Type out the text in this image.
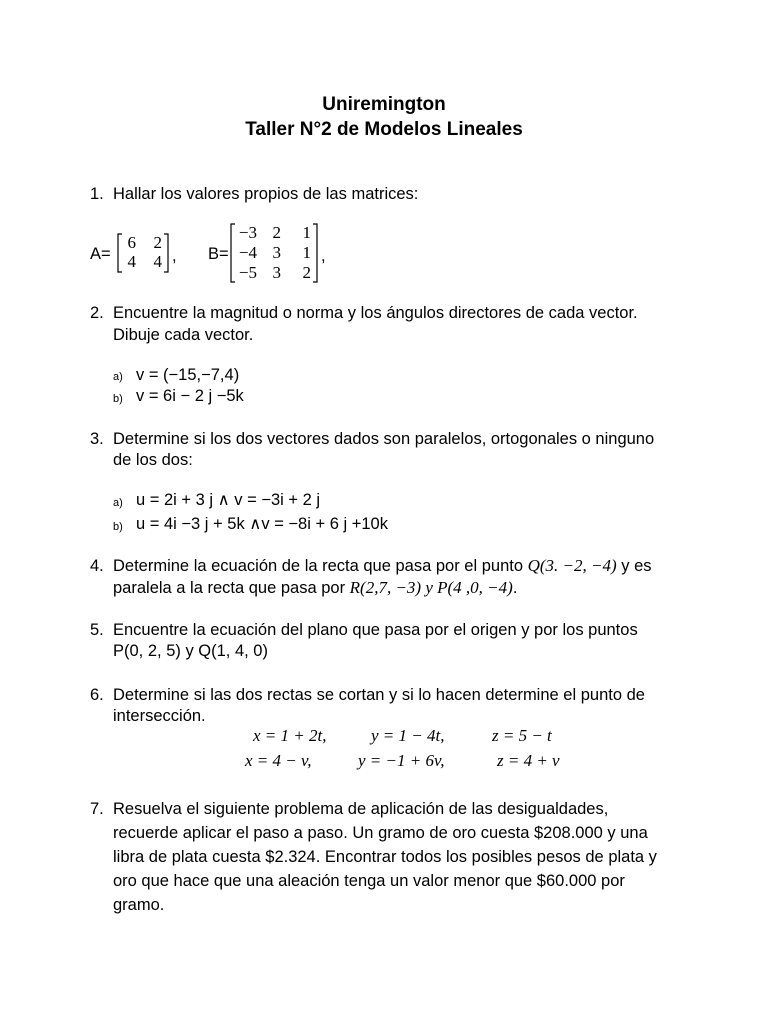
Uniremington
Taller N°2 de Modelos Lineales
1. Hallar los valores propios de las matrices:
A=
6	2
4	4 , B=
−3 2	1
−4 3	1
−5 3	2
,
2. Encuentre la magnitud o norma y los ángulos directores de cada vector.
Dibuje cada vector.
a) v = (−15,−7,4)
b) v = 6i − 2 j −5k
3. Determine si los dos vectores dados son paralelos, ortogonales o ninguno
de los dos:
a) u = 2i + 3 j ∧ v = −3i + 2 j
b) u = 4i −3 j + 5k ∧v = −8i + 6 j +10k
4. Determine la ecuación de la recta que pasa por el punto Q(3. −2, −4) y es
paralela a la recta que pasa por R(2,7, −3) y P(4 ,0, −4).
5. Encuentre la ecuación del plano que pasa por el origen y por los puntos
P(0, 2, 5) y Q(1, 4, 0)
6. Determine si las dos rectas se cortan y si lo hacen determine el punto de
intersección.
x = 1 + 2t,	y = 1 − 4t,	z = 5 − t
x = 4 − v,	y = −1 + 6v,	z = 4 + v
7. Resuelva el siguiente problema de aplicación de las desigualdades,
recuerde aplicar el paso a paso. Un gramo de oro cuesta $208.000 y una
libra de plata cuesta $2.324. Encontrar todos los posibles pesos de plata y
oro que hace que una aleación tenga un valor menor que $60.000 por
gramo.
